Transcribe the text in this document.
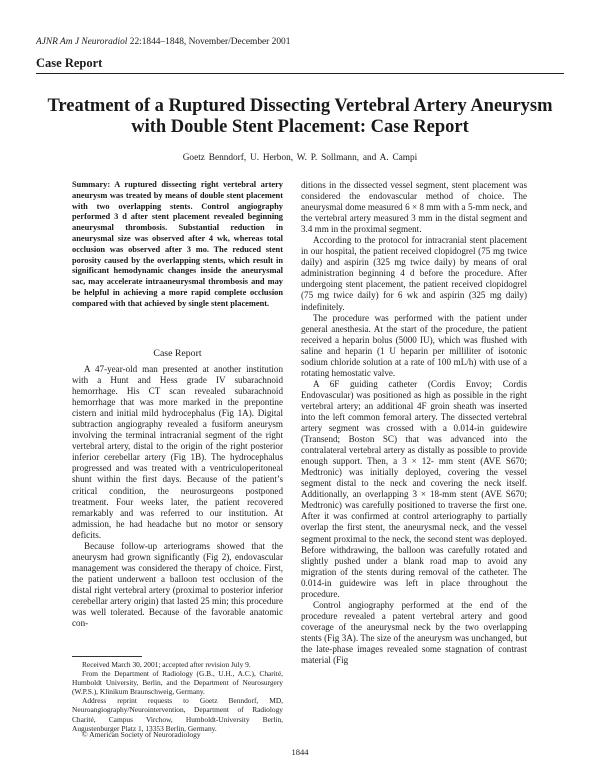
AJNR Am J Neuroradiol 22:1844–1848, November/December 2001
Case Report
Treatment of a Ruptured Dissecting Vertebral Artery Aneurysm with Double Stent Placement: Case Report
Goetz Benndorf, U. Herbon, W. P. Sollmann, and A. Campi
Summary: A ruptured dissecting right vertebral artery aneurysm was treated by means of double stent placement with two overlapping stents. Control angiography performed 3 d after stent placement revealed beginning aneurysmal thrombosis. Substantial reduction in aneurysmal size was observed after 4 wk, whereas total occlusion was observed after 3 mo. The reduced stent porosity caused by the overlapping stents, which result in significant hemodynamic changes inside the aneurysmal sac, may accelerate intraaneurysmal thrombosis and may be helpful in achieving a more rapid complete occlusion compared with that achieved by single stent placement.
Case Report

A 47-year-old man presented at another institution with a Hunt and Hess grade IV subarachnoid hemorrhage. His CT scan revealed subarachnoid hemorrhage that was more marked in the prepontine cistern and initial mild hydrocephalus (Fig 1A). Digital subtraction angiography revealed a fusiform aneurysm involving the terminal intracranial segment of the right vertebral artery, distal to the origin of the right posterior inferior cerebellar artery (Fig 1B). The hydrocephalus progressed and was treated with a ventriculoperitoneal shunt within the first days. Because of the patient’s critical condition, the neurosurgeons postponed treatment. Four weeks later, the patient recovered remarkably and was referred to our institution. At admission, he had headache but no motor or sensory deficits.

Because follow-up arteriograms showed that the aneurysm had grown significantly (Fig 2), endovascular management was considered the therapy of choice. First, the patient underwent a balloon test occlusion of the distal right vertebral artery (proximal to posterior inferior cerebellar artery origin) that lasted 25 min; this procedure was well tolerated. Because of the favorable anatomic con-

Received March 30, 2001; accepted after revision July 9.

From the Department of Radiology (G.B., U.H., A.C.), Charité, Humboldt University, Berlin, and the Department of Neurosurgery (W.P.S.), Klinikum Braunschweig, Germany.

Address reprint requests to Goetz Benndorf, MD, Neuroangiography/Neurointervention, Department of Radiology Charité, Campus Virchow, Humboldt-University Berlin, Augustenburger Platz 1, 13353 Berlin, Germany.

© American Society of Neuroradiology

ditions in the dissected vessel segment, stent placement was considered the endovascular method of choice. The aneurysmal dome measured 6 × 8 mm with a 5-mm neck, and the vertebral artery measured 3 mm in the distal segment and 3.4 mm in the proximal segment.

According to the protocol for intracranial stent placement in our hospital, the patient received clopidogrel (75 mg twice daily) and aspirin (325 mg twice daily) by means of oral administration beginning 4 d before the procedure. After undergoing stent placement, the patient received clopidogrel (75 mg twice daily) for 6 wk and aspirin (325 mg daily) indefinitely.

The procedure was performed with the patient under general anesthesia. At the start of the procedure, the patient received a heparin bolus (5000 IU), which was flushed with saline and heparin (1 U heparin per milliliter of isotonic sodium chloride solution at a rate of 100 mL/h) with use of a rotating hemostatic valve.

A 6F guiding catheter (Cordis Envoy; Cordis Endovascular) was positioned as high as possible in the right vertebral artery; an additional 4F groin sheath was inserted into the left common femoral artery. The dissected vertebral artery segment was crossed with a 0.014-in guidewire (Transend; Boston SC) that was advanced into the contralateral vertebral artery as distally as possible to provide enough support. Then, a 3 × 12- mm stent (AVE S670; Medtronic) was initially deployed, covering the vessel segment distal to the neck and covering the neck itself. Additionally, an overlapping 3 × 18-mm stent (AVE S670; Medtronic) was carefully positioned to traverse the first one. After it was confirmed at control arteriography to partially overlap the first stent, the aneurysmal neck, and the vessel segment proximal to the neck, the second stent was deployed. Before withdrawing, the balloon was carefully rotated and slightly pushed under a blank road map to avoid any migration of the stents during removal of the catheter. The 0.014-in guidewire was left in place throughout the procedure.

Control angiography performed at the end of the procedure revealed a patent vertebral artery and good coverage of the aneurysmal neck by the two overlapping stents (Fig 3A). The size of the aneurysm was unchanged, but the late-phase images revealed some stagnation of contrast material (Fig

1844
